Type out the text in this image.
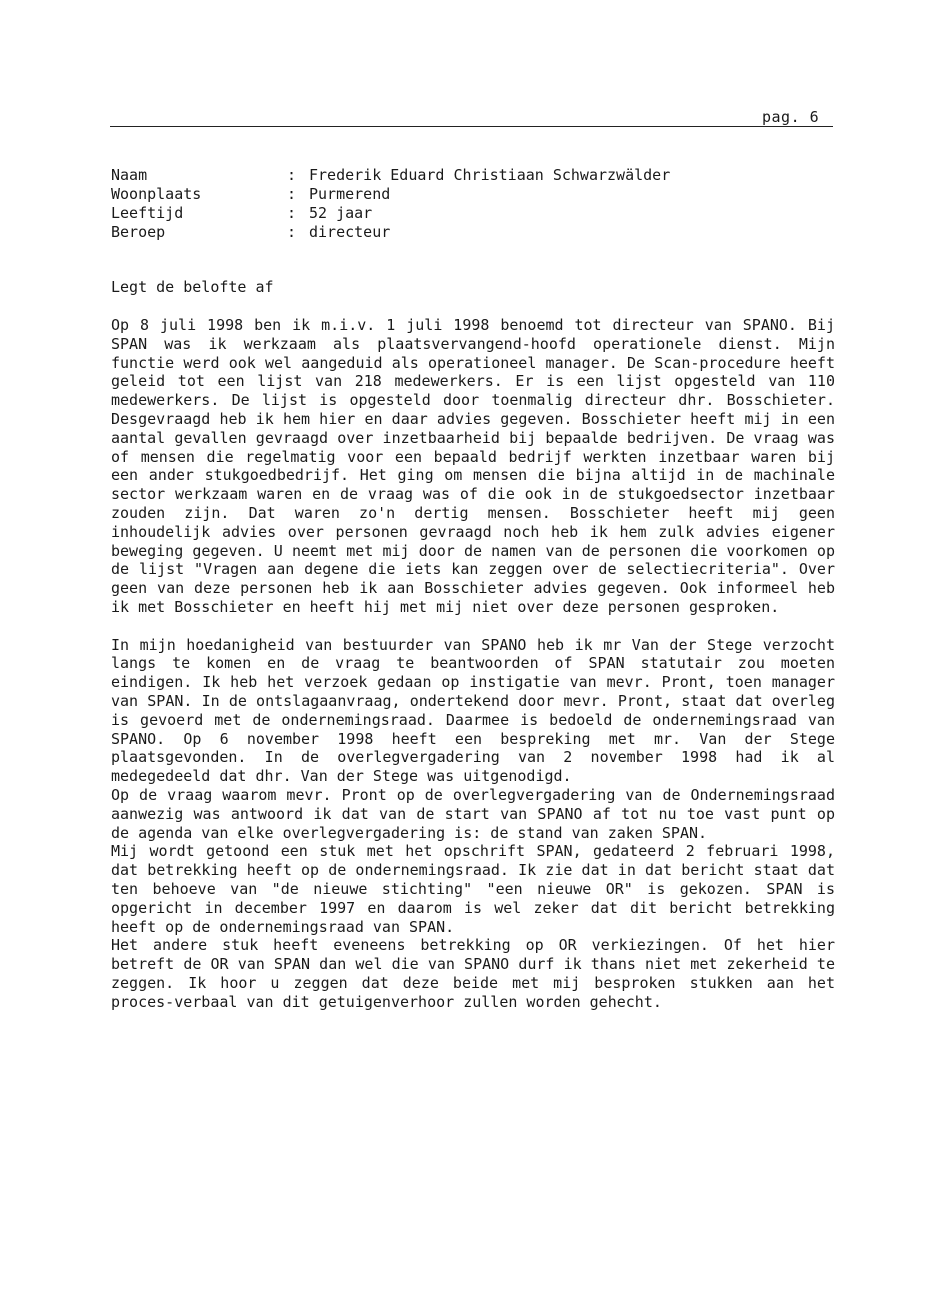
pag. 6
Naam	: Frederik Eduard Christiaan Schwarzwälder
Woonplaats	: Purmerend
Leeftijd	: 52 jaar
Beroep	: directeur
Legt de belofte af

Op 8 juli 1998 ben ik m.i.v. 1 juli 1998 benoemd tot directeur van SPANO. Bij SPAN was ik werkzaam als plaatsvervangend-hoofd operationele dienst. Mijn functie werd ook wel aangeduid als operationeel manager. De Scan-procedure heeft geleid tot een lijst van 218 medewerkers. Er is een lijst opgesteld van 110 medewerkers. De lijst is opgesteld door toenmalig directeur dhr. Bosschieter. Desgevraagd heb ik hem hier en daar advies gegeven. Bosschieter heeft mij in een aantal gevallen gevraagd over inzetbaarheid bij bepaalde bedrijven. De vraag was of mensen die regelmatig voor een bepaald bedrijf werkten inzetbaar waren bij een ander stukgoedbedrijf. Het ging om mensen die bijna altijd in de machinale sector werkzaam waren en de vraag was of die ook in de stukgoedsector inzetbaar zouden zijn. Dat waren zo'n dertig mensen. Bosschieter heeft mij geen inhoudelijk advies over personen gevraagd noch heb ik hem zulk advies eigener beweging gegeven. U neemt met mij door de namen van de personen die voorkomen op de lijst "Vragen aan degene die iets kan zeggen over de selectiecriteria". Over geen van deze personen heb ik aan Bosschieter advies gegeven. Ook informeel heb ik met Bosschieter en heeft hij met mij niet over deze personen gesproken.

In mijn hoedanigheid van bestuurder van SPANO heb ik mr Van der Stege verzocht langs te komen en de vraag te beantwoorden of SPAN statutair zou moeten eindigen. Ik heb het verzoek gedaan op instigatie van mevr. Pront, toen manager van SPAN. In de ontslagaanvraag, ondertekend door mevr. Pront, staat dat overleg is gevoerd met de ondernemingsraad. Daarmee is bedoeld de ondernemingsraad van SPANO. Op 6 november 1998 heeft een bespreking met mr. Van der Stege plaatsgevonden. In de overlegvergadering van 2 november 1998 had ik al medegedeeld dat dhr. Van der Stege was uitgenodigd.

Op de vraag waarom mevr. Pront op de overlegvergadering van de Ondernemingsraad aanwezig was antwoord ik dat van de start van SPANO af tot nu toe vast punt op de agenda van elke overlegvergadering is: de stand van zaken SPAN.

Mij wordt getoond een stuk met het opschrift SPAN, gedateerd 2 februari 1998, dat betrekking heeft op de ondernemingsraad. Ik zie dat in dat bericht staat dat ten behoeve van "de nieuwe stichting" "een nieuwe OR" is gekozen. SPAN is opgericht in december 1997 en daarom is wel zeker dat dit bericht betrekking heeft op de ondernemingsraad van SPAN.

Het andere stuk heeft eveneens betrekking op OR verkiezingen. Of het hier betreft de OR van SPAN dan wel die van SPANO durf ik thans niet met zekerheid te zeggen. Ik hoor u zeggen dat deze beide met mij besproken stukken aan het proces-verbaal van dit getuigenverhoor zullen worden gehecht.
